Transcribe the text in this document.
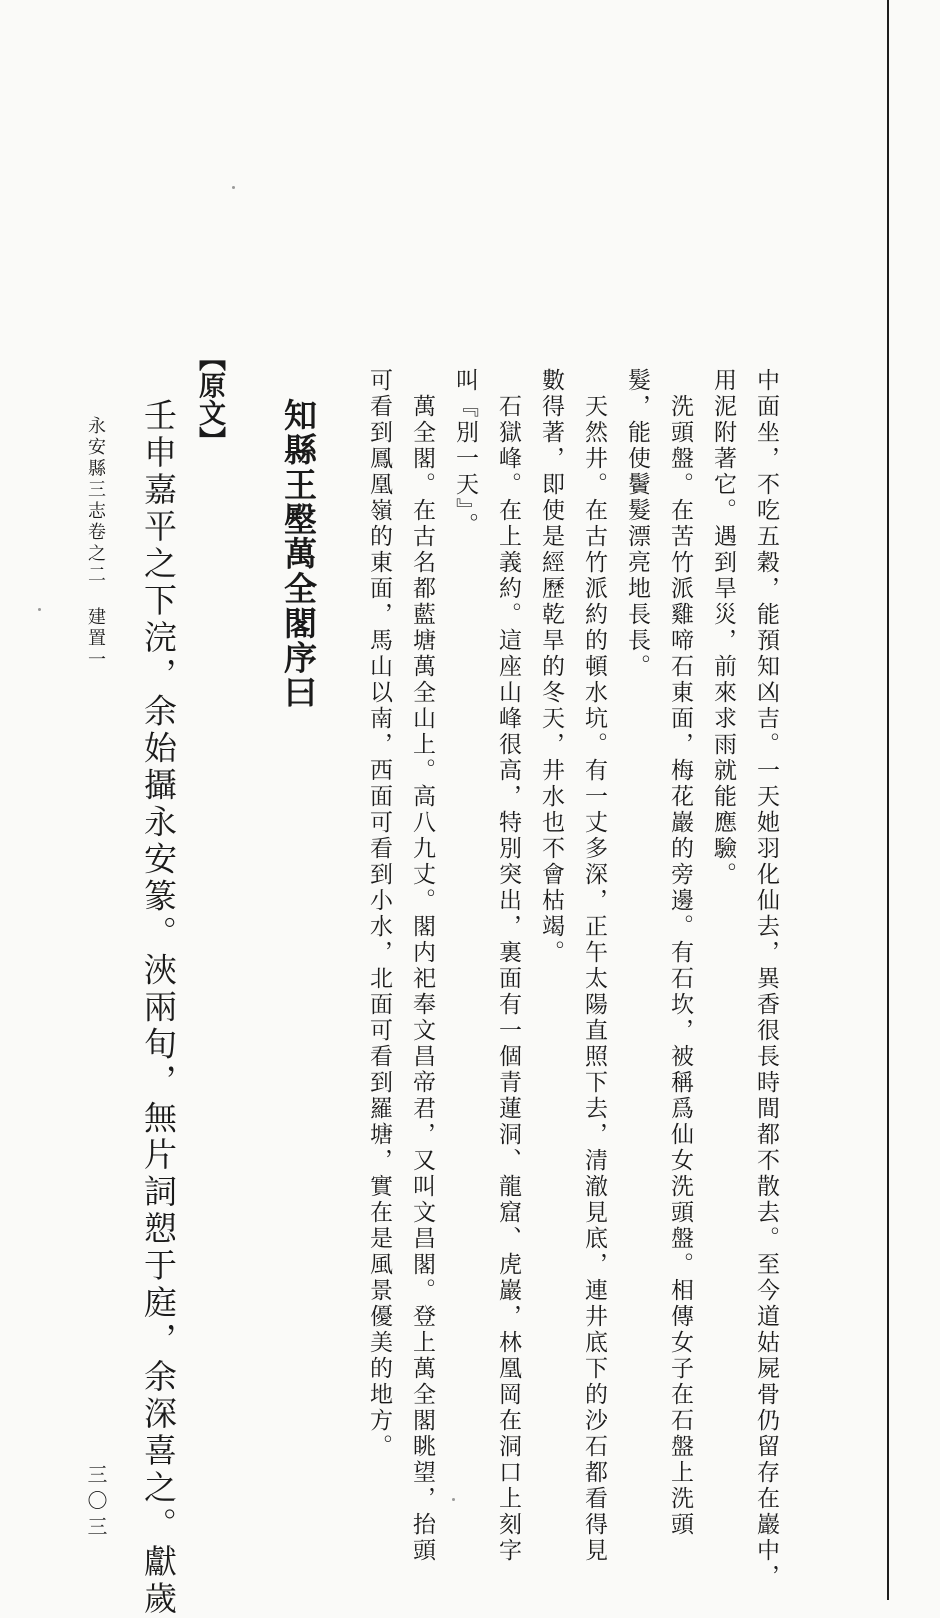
中面坐，不吃五穀，能預知凶吉。一天她羽化仙去，異香很長時間都不散去。至今道姑屍骨仍留存在巖中，
用泥附著它。遇到旱災，前來求雨就能應驗。
洗頭盤。在苦竹派雞啼石東面，梅花巖的旁邊。有石坎，被稱爲仙女洗頭盤。相傳女子在石盤上洗頭
髮，能使鬢髮漂亮地長長。
天然井。在古竹派約的頓水坑。有一丈多深，正午太陽直照下去，清澈見底，連井底下的沙石都看得見
數得著，即使是經歷乾旱的冬天，井水也不會枯竭。
石獄峰。在上義約。這座山峰很高，特別突出，裏面有一個青蓮洞、龍窟、虎巖，林凰岡在洞口上刻字
叫『別一天』。
萬全閣。在古名都藍塘萬全山上。高八九丈。閣内祀奉文昌帝君，又叫文昌閣。登上萬全閣眺望，抬頭
可看到鳳凰嶺的東面，馬山以南，西面可看到小水，北面可看到羅塘，實在是風景優美的地方。
知縣王壂萬全閣序曰
【原文】
壬申嘉平之下浣，余始攝永安篆。浹兩旬，無片詞愬于庭，余深喜之。獻歲
永安縣三志卷之二　建置一
三〇三
